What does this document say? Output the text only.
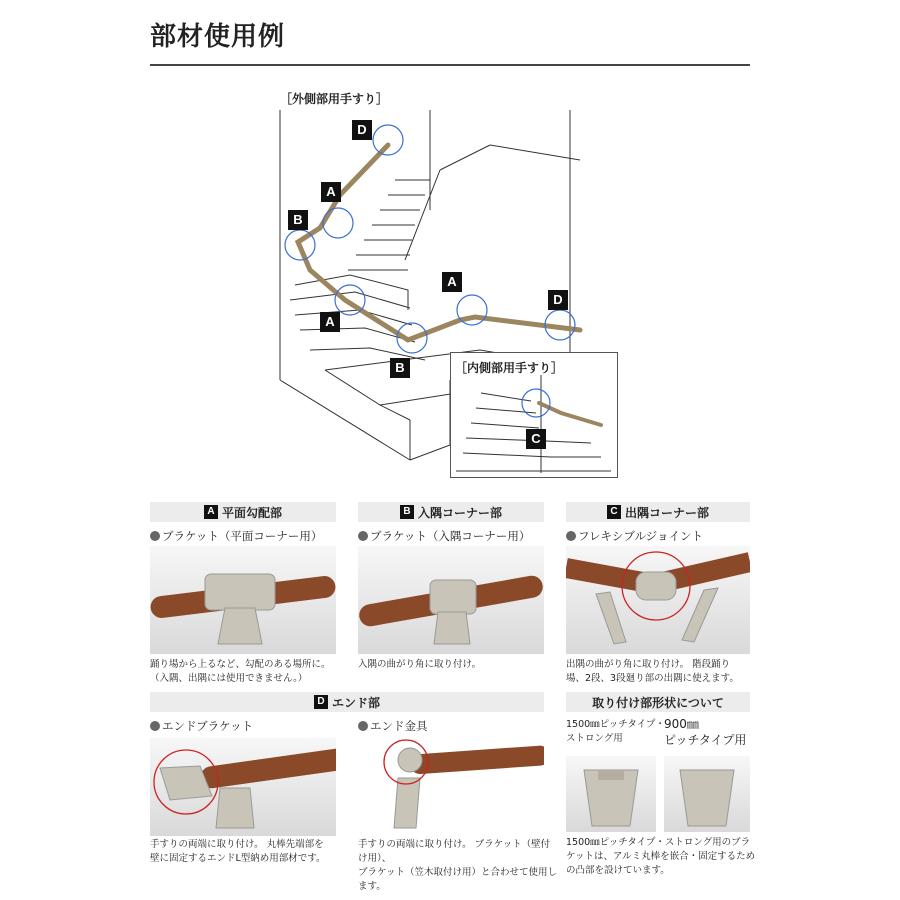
部材使用例
［外側部用手すり］
D
A
B
A
B
A
D
［内側部用手すり］
C
A 平面勾配部
ブラケット（平面コーナー用）
踊り場から上るなど、勾配のある場所に。
（入隅、出隅には使用できません。）
B 入隅コーナー部
ブラケット（入隅コーナー用）
入隅の曲がり角に取り付け。
C 出隅コーナー部
フレキシブルジョイント
出隅の曲がり角に取り付け。 階段踊り
場、2段、3段廻り部の出隅に使えます。
D エンド部
エンドブラケット
手すりの両端に取り付け。 丸棒先端部を
壁に固定するエンドL型納め用部材です。
エンド金具
手すりの両端に取り付け。 ブラケット（壁付け用）、
ブラケット（笠木取付け用）と合わせて使用します。
取り付け部形状について
1500㎜ピッチタイプ・
ストロング用
900㎜
ピッチタイプ用
1500㎜ピッチタイプ・ストロング用のブラ
ケットは、アルミ丸棒を嵌合・固定するため
の凸部を設けています。
